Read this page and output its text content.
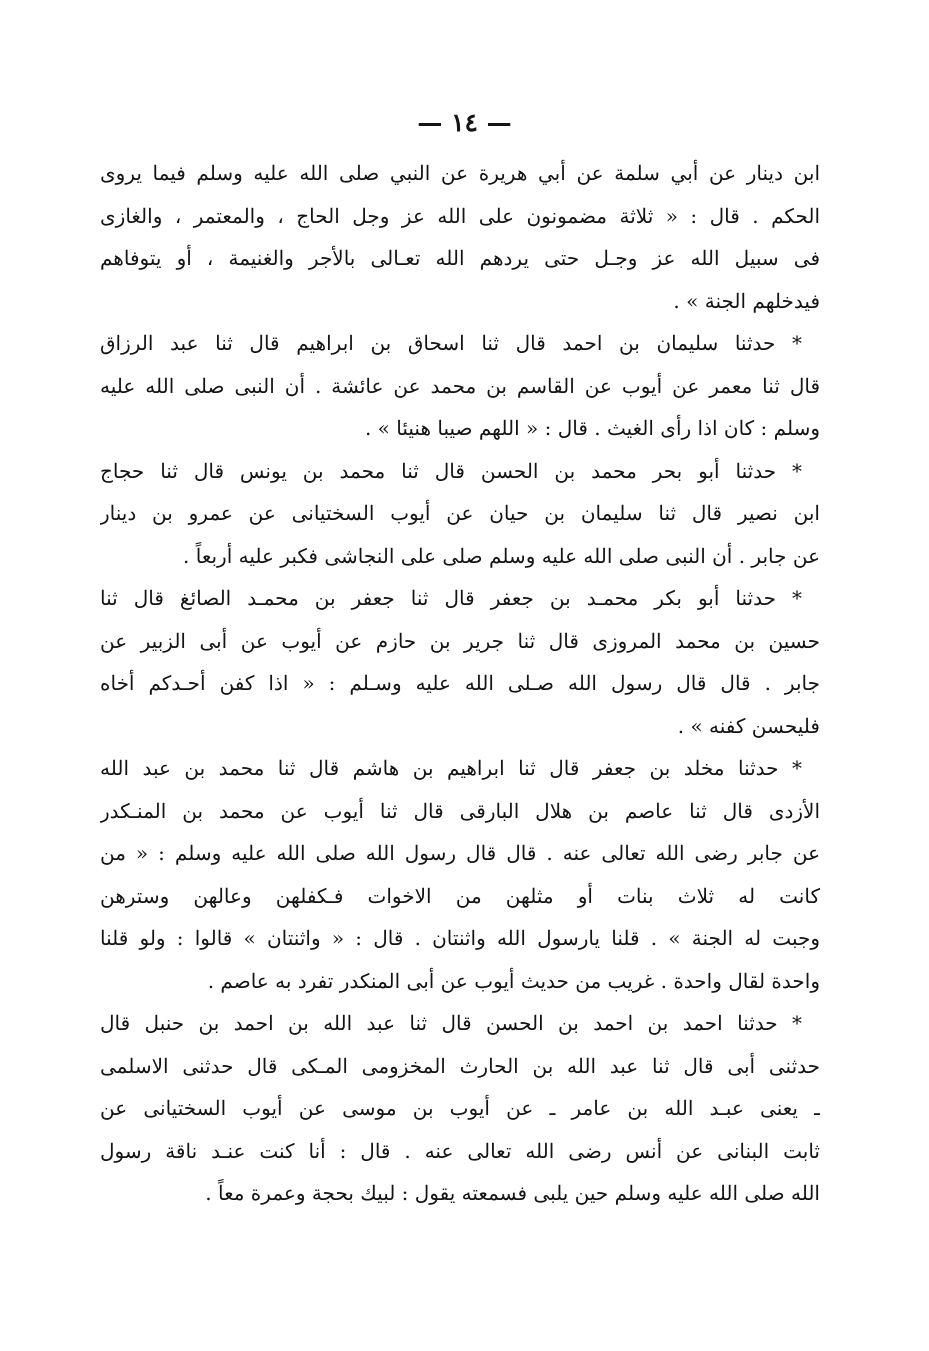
— ١٤ —
ابن دينار عن أبي سلمة عن أبي هريرة عن النبي صلى الله عليه وسلم فيما يروى
الحكم . قال : « ثلاثة مضمونون على الله عز وجل الحاج ، والمعتمر ، والغازى
فى سبيل الله عز وجـل حتى يردهم الله تعـالى بالأجر والغنيمة ، أو يتوفاهم
فيدخلهم الجنة » .
* حدثنا سليمان بن احمد قال ثنا اسحاق بن ابراهيم قال ثنا عبد الرزاق
قال ثنا معمر عن أيوب عن القاسم بن محمد عن عائشة . أن النبى صلى الله عليه
وسلم : كان اذا رأى الغيث . قال : « اللهم صيبا هنيئا » .
* حدثنا أبو بحر محمد بن الحسن قال ثنا محمد بن يونس قال ثنا حجاج
ابن نصير قال ثنا سليمان بن حيان عن أيوب السختيانى عن عمرو بن دينار
عن جابر . أن النبى صلى الله عليه وسلم صلى على النجاشى فكبر عليه أربعاً .
* حدثنا أبو بكر محمـد بن جعفر قال ثنا جعفر بن محمـد الصائغ قال ثنا
حسين بن محمد المروزى قال ثنا جرير بن حازم عن أيوب عن أبى الزبير عن
جابر . قال قال رسول الله صـلى الله عليه وسـلم : « اذا كفن أحـدكم أخاه
فليحسن كفنه » .
* حدثنا مخلد بن جعفر قال ثنا ابراهيم بن هاشم قال ثنا محمد بن عبد الله
الأزدى قال ثنا عاصم بن هلال البارقى قال ثنا أيوب عن محمد بن المنـكدر
عن جابر رضى الله تعالى عنه . قال قال رسول الله صلى الله عليه وسلم : « من
كانت له ثلاث بنات أو مثلهن من الاخوات فـكفلهن وعالهن وسترهن
وجبت له الجنة » . قلنا يارسول الله واثنتان . قال : « واثنتان » قالوا : ولو قلنا
واحدة لقال واحدة . غريب من حديث أيوب عن أبى المنكدر تفرد به عاصم .
* حدثنا احمد بن احمد بن الحسن قال ثنا عبد الله بن احمد بن حنبل قال
حدثنى أبى قال ثنا عبد الله بن الحارث المخزومى المـكى قال حدثنى الاسلمى
ـ يعنى عبـد الله بن عامر ـ عن أيوب بن موسى عن أيوب السختيانى عن
ثابت البنانى عن أنس رضى الله تعالى عنه . قال : أنا كنت عنـد ناقة رسول
الله صلى الله عليه وسلم حين يلبى فسمعته يقول : لبيك بحجة وعمرة معاً .
